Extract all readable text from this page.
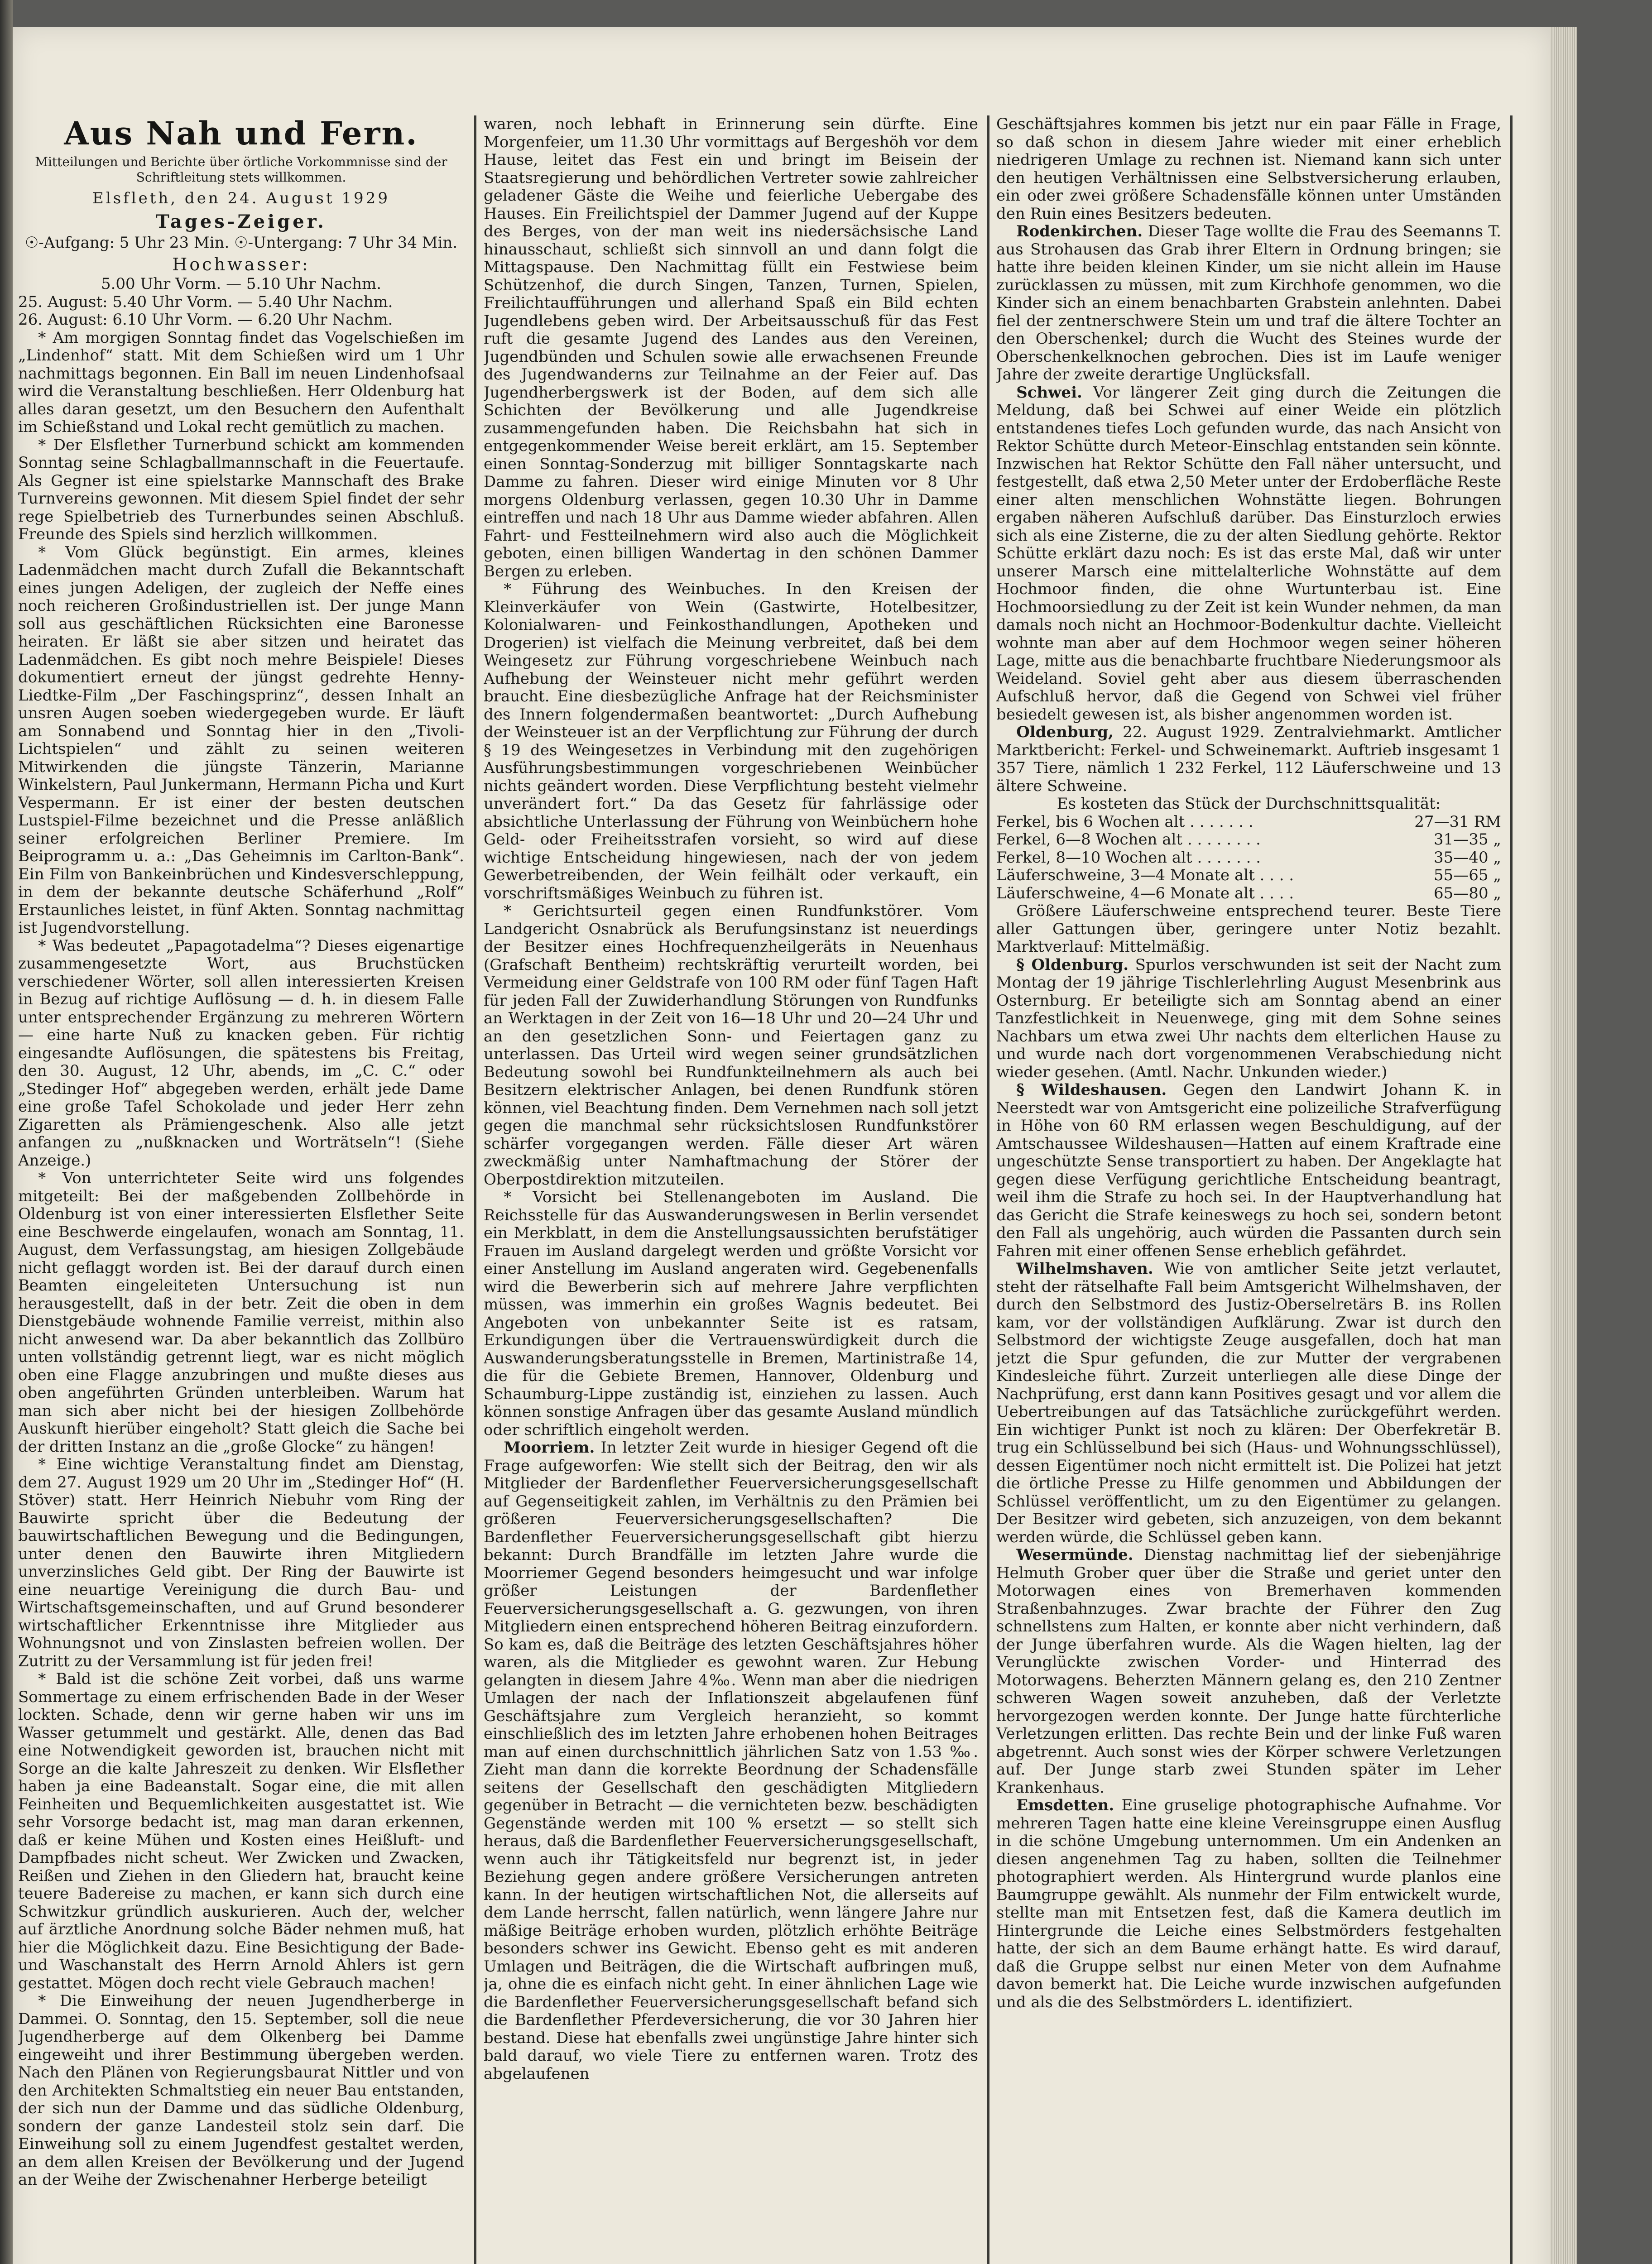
Aus Nah und Fern.

Mitteilungen und Berichte über örtliche Vorkommnisse sind der Schriftleitung stets willkommen.

Elsfleth, den 24. August 1929

Tages-Zeiger.

☉-Aufgang: 5 Uhr 23 Min. ☉-Untergang: 7 Uhr 34 Min.

Hochwasser:

5.00 Uhr Vorm. — 5.10 Uhr Nachm.

25. August: 5.40 Uhr Vorm. — 5.40 Uhr Nachm.

26. August: 6.10 Uhr Vorm. — 6.20 Uhr Nachm.

* Am morgigen Sonntag findet das Vogelschießen im „Lindenhof“ statt. Mit dem Schießen wird um 1 Uhr nachmittags begonnen. Ein Ball im neuen Lindenhofsaal wird die Veranstaltung beschließen. Herr Oldenburg hat alles daran gesetzt, um den Besuchern den Aufenthalt im Schießstand und Lokal recht gemütlich zu machen.

* Der Elsflether Turnerbund schickt am kommenden Sonntag seine Schlagballmannschaft in die Feuertaufe. Als Gegner ist eine spielstarke Mannschaft des Brake Turnvereins gewonnen. Mit diesem Spiel findet der sehr rege Spielbetrieb des Turnerbundes seinen Abschluß. Freunde des Spiels sind herzlich willkommen.

* Vom Glück begünstigt. Ein armes, kleines Ladenmädchen macht durch Zufall die Bekanntschaft eines jungen Adeligen, der zugleich der Neffe eines noch reicheren Großindustriellen ist. Der junge Mann soll aus geschäftlichen Rücksichten eine Baronesse heiraten. Er läßt sie aber sitzen und heiratet das Ladenmädchen. Es gibt noch mehre Beispiele! Dieses dokumentiert erneut der jüngst gedrehte Henny-Liedtke-Film „Der Faschingsprinz“, dessen Inhalt an unsren Augen soeben wiedergegeben wurde. Er läuft am Sonnabend und Sonntag hier in den „Tivoli-Lichtspielen“ und zählt zu seinen weiteren Mitwirkenden die jüngste Tänzerin, Marianne Winkelstern, Paul Junkermann, Hermann Picha und Kurt Vespermann. Er ist einer der besten deutschen Lustspiel-Filme bezeichnet und die Presse anläßlich seiner erfolgreichen Berliner Premiere. Im Beiprogramm u. a.: „Das Geheimnis im Carlton-Bank“. Ein Film von Bankeinbrüchen und Kindesverschleppung, in dem der bekannte deutsche Schäferhund „Rolf“ Erstaunliches leistet, in fünf Akten. Sonntag nachmittag ist Jugendvorstellung.

* Was bedeutet „Papagotadelma“? Dieses eigenartige zusammengesetzte Wort, aus Bruchstücken verschiedener Wörter, soll allen interessierten Kreisen in Bezug auf richtige Auflösung — d. h. in diesem Falle unter entsprechender Ergänzung zu mehreren Wörtern — eine harte Nuß zu knacken geben. Für richtig eingesandte Auflösungen, die spätestens bis Freitag, den 30. August, 12 Uhr, abends, im „C. C.“ oder „Stedinger Hof“ abgegeben werden, erhält jede Dame eine große Tafel Schokolade und jeder Herr zehn Zigaretten als Prämiengeschenk. Also alle jetzt anfangen zu „nußknacken und Worträtseln“! (Siehe Anzeige.)

* Von unterrichteter Seite wird uns folgendes mitgeteilt: Bei der maßgebenden Zollbehörde in Oldenburg ist von einer interessierten Elsflether Seite eine Beschwerde eingelaufen, wonach am Sonntag, 11. August, dem Verfassungstag, am hiesigen Zollgebäude nicht geflaggt worden ist. Bei der darauf durch einen Beamten eingeleiteten Untersuchung ist nun herausgestellt, daß in der betr. Zeit die oben in dem Dienstgebäude wohnende Familie verreist, mithin also nicht anwesend war. Da aber bekanntlich das Zollbüro unten vollständig getrennt liegt, war es nicht möglich oben eine Flagge anzubringen und mußte dieses aus oben angeführten Gründen unterbleiben. Warum hat man sich aber nicht bei der hiesigen Zollbehörde Auskunft hierüber eingeholt? Statt gleich die Sache bei der dritten Instanz an die „große Glocke“ zu hängen!

* Eine wichtige Veranstaltung findet am Dienstag, dem 27. August 1929 um 20 Uhr im „Stedinger Hof“ (H. Stöver) statt. Herr Heinrich Niebuhr vom Ring der Bauwirte spricht über die Bedeutung der bauwirtschaftlichen Bewegung und die Bedingungen, unter denen den Bauwirte ihren Mitgliedern unverzinsliches Geld gibt. Der Ring der Bauwirte ist eine neuartige Vereinigung die durch Bau- und Wirtschaftsgemeinschaften, und auf Grund besonderer wirtschaftlicher Erkenntnisse ihre Mitglieder aus Wohnungsnot und von Zinslasten befreien wollen. Der Zutritt zu der Versammlung ist für jeden frei!

* Bald ist die schöne Zeit vorbei, daß uns warme Sommertage zu einem erfrischenden Bade in der Weser lockten. Schade, denn wir gerne haben wir uns im Wasser getummelt und gestärkt. Alle, denen das Bad eine Notwendigkeit geworden ist, brauchen nicht mit Sorge an die kalte Jahreszeit zu denken. Wir Elsflether haben ja eine Badeanstalt. Sogar eine, die mit allen Feinheiten und Bequemlichkeiten ausgestattet ist. Wie sehr Vorsorge bedacht ist, mag man daran erkennen, daß er keine Mühen und Kosten eines Heißluft- und Dampfbades nicht scheut. Wer Zwicken und Zwacken, Reißen und Ziehen in den Gliedern hat, braucht keine teuere Badereise zu machen, er kann sich durch eine Schwitzkur gründlich auskurieren. Auch der, welcher auf ärztliche Anordnung solche Bäder nehmen muß, hat hier die Möglichkeit dazu. Eine Besichtigung der Bade- und Waschanstalt des Herrn Arnold Ahlers ist gern gestattet. Mögen doch recht viele Gebrauch machen!

* Die Einweihung der neuen Jugendherberge in Dammei. O. Sonntag, den 15. September, soll die neue Jugendherberge auf dem Olkenberg bei Damme eingeweiht und ihrer Bestimmung übergeben werden. Nach den Plänen von Regierungsbaurat Nittler und von den Architekten Schmaltstieg ein neuer Bau entstanden, der sich nun der Damme und das südliche Oldenburg, sondern der ganze Landesteil stolz sein darf. Die Einweihung soll zu einem Jugendfest gestaltet werden, an dem allen Kreisen der Bevölkerung und der Jugend an der Weihe der Zwischenahner Herberge beteiligt

waren, noch lebhaft in Erinnerung sein dürfte. Eine Morgenfeier, um 11.30 Uhr vormittags auf Bergeshöh vor dem Hause, leitet das Fest ein und bringt im Beisein der Staatsregierung und behördlichen Vertreter sowie zahlreicher geladener Gäste die Weihe und feierliche Uebergabe des Hauses. Ein Freilichtspiel der Dammer Jugend auf der Kuppe des Berges, von der man weit ins niedersächsische Land hinausschaut, schließt sich sinnvoll an und dann folgt die Mittagspause. Den Nachmittag füllt ein Festwiese beim Schützenhof, die durch Singen, Tanzen, Turnen, Spielen, Freilichtaufführungen und allerhand Spaß ein Bild echten Jugendlebens geben wird. Der Arbeitsausschuß für das Fest ruft die gesamte Jugend des Landes aus den Vereinen, Jugendbünden und Schulen sowie alle erwachsenen Freunde des Jugendwanderns zur Teilnahme an der Feier auf. Das Jugendherbergswerk ist der Boden, auf dem sich alle Schichten der Bevölkerung und alle Jugendkreise zusammengefunden haben. Die Reichsbahn hat sich in entgegenkommender Weise bereit erklärt, am 15. September einen Sonntag-Sonderzug mit billiger Sonntagskarte nach Damme zu fahren. Dieser wird einige Minuten vor 8 Uhr morgens Oldenburg verlassen, gegen 10.30 Uhr in Damme eintreffen und nach 18 Uhr aus Damme wieder abfahren. Allen Fahrt- und Festteilnehmern wird also auch die Möglichkeit geboten, einen billigen Wandertag in den schönen Dammer Bergen zu erleben.

* Führung des Weinbuches. In den Kreisen der Kleinverkäufer von Wein (Gastwirte, Hotelbesitzer, Kolonialwaren- und Feinkosthandlungen, Apotheken und Drogerien) ist vielfach die Meinung verbreitet, daß bei dem Weingesetz zur Führung vorgeschriebene Weinbuch nach Aufhebung der Weinsteuer nicht mehr geführt werden braucht. Eine diesbezügliche Anfrage hat der Reichsminister des Innern folgendermaßen beantwortet: „Durch Aufhebung der Weinsteuer ist an der Verpflichtung zur Führung der durch § 19 des Weingesetzes in Verbindung mit den zugehörigen Ausführungsbestimmungen vorgeschriebenen Weinbücher nichts geändert worden. Diese Verpflichtung besteht vielmehr unverändert fort.“ Da das Gesetz für fahrlässige oder absichtliche Unterlassung der Führung von Weinbüchern hohe Geld- oder Freiheitsstrafen vorsieht, so wird auf diese wichtige Entscheidung hingewiesen, nach der von jedem Gewerbetreibenden, der Wein feilhält oder verkauft, ein vorschriftsmäßiges Weinbuch zu führen ist.

* Gerichtsurteil gegen einen Rundfunkstörer. Vom Landgericht Osnabrück als Berufungsinstanz ist neuerdings der Besitzer eines Hochfrequenzheilgeräts in Neuenhaus (Grafschaft Bentheim) rechtskräftig verurteilt worden, bei Vermeidung einer Geldstrafe von 100 RM oder fünf Tagen Haft für jeden Fall der Zuwiderhandlung Störungen von Rundfunks an Werktagen in der Zeit von 16—18 Uhr und 20—24 Uhr und an den gesetzlichen Sonn- und Feiertagen ganz zu unterlassen. Das Urteil wird wegen seiner grundsätzlichen Bedeutung sowohl bei Rundfunkteilnehmern als auch bei Besitzern elektrischer Anlagen, bei denen Rundfunk stören können, viel Beachtung finden. Dem Vernehmen nach soll jetzt gegen die manchmal sehr rücksichtslosen Rundfunkstörer schärfer vorgegangen werden. Fälle dieser Art wären zweckmäßig unter Namhaftmachung der Störer der Oberpostdirektion mitzuteilen.

* Vorsicht bei Stellenangeboten im Ausland. Die Reichsstelle für das Auswanderungswesen in Berlin versendet ein Merkblatt, in dem die Anstellungsaussichten berufstätiger Frauen im Ausland dargelegt werden und größte Vorsicht vor einer Anstellung im Ausland angeraten wird. Gegebenenfalls wird die Bewerberin sich auf mehrere Jahre verpflichten müssen, was immerhin ein großes Wagnis bedeutet. Bei Angeboten von unbekannter Seite ist es ratsam, Erkundigungen über die Vertrauenswürdigkeit durch die Auswanderungsberatungsstelle in Bremen, Martinistraße 14, die für die Gebiete Bremen, Hannover, Oldenburg und Schaumburg-Lippe zuständig ist, einziehen zu lassen. Auch können sonstige Anfragen über das gesamte Ausland mündlich oder schriftlich eingeholt werden.

Moorriem. In letzter Zeit wurde in hiesiger Gegend oft die Frage aufgeworfen: Wie stellt sich der Beitrag, den wir als Mitglieder der Bardenflether Feuerversicherungsgesellschaft auf Gegenseitigkeit zahlen, im Verhältnis zu den Prämien bei größeren Feuerversicherungsgesellschaften? Die Bardenflether Feuerversicherungsgesellschaft gibt hierzu bekannt: Durch Brandfälle im letzten Jahre wurde die Moorriemer Gegend besonders heimgesucht und war infolge größer Leistungen der Bardenflether Feuerversicherungsgesellschaft a. G. gezwungen, von ihren Mitgliedern einen entsprechend höheren Beitrag einzufordern. So kam es, daß die Beiträge des letzten Geschäftsjahres höher waren, als die Mitglieder es gewohnt waren. Zur Hebung gelangten in diesem Jahre 4‰. Wenn man aber die niedrigen Umlagen der nach der Inflationszeit abgelaufenen fünf Geschäftsjahre zum Vergleich heranzieht, so kommt einschließlich des im letzten Jahre erhobenen hohen Beitrages man auf einen durchschnittlich jährlichen Satz von 1.53 ‰. Zieht man dann die korrekte Beordnung der Schadensfälle seitens der Gesellschaft den geschädigten Mitgliedern gegenüber in Betracht — die vernichteten bezw. beschädigten Gegenstände werden mit 100 % ersetzt — so stellt sich heraus, daß die Bardenflether Feuerversicherungsgesellschaft, wenn auch ihr Tätigkeitsfeld nur begrenzt ist, in jeder Beziehung gegen andere größere Versicherungen antreten kann. In der heutigen wirtschaftlichen Not, die allerseits auf dem Lande herrscht, fallen natürlich, wenn längere Jahre nur mäßige Beiträge erhoben wurden, plötzlich erhöhte Beiträge besonders schwer ins Gewicht. Ebenso geht es mit anderen Umlagen und Beiträgen, die die Wirtschaft aufbringen muß, ja, ohne die es einfach nicht geht. In einer ähnlichen Lage wie die Bardenflether Feuerversicherungsgesellschaft befand sich die Bardenflether Pferdeversicherung, die vor 30 Jahren hier bestand. Diese hat ebenfalls zwei ungünstige Jahre hinter sich bald darauf, wo viele Tiere zu entfernen waren. Trotz des abgelaufenen

Geschäftsjahres kommen bis jetzt nur ein paar Fälle in Frage, so daß schon in diesem Jahre wieder mit einer erheblich niedrigeren Umlage zu rechnen ist. Niemand kann sich unter den heutigen Verhältnissen eine Selbstversicherung erlauben, ein oder zwei größere Schadensfälle können unter Umständen den Ruin eines Besitzers bedeuten.

Rodenkirchen. Dieser Tage wollte die Frau des Seemanns T. aus Strohausen das Grab ihrer Eltern in Ordnung bringen; sie hatte ihre beiden kleinen Kinder, um sie nicht allein im Hause zurücklassen zu müssen, mit zum Kirchhofe genommen, wo die Kinder sich an einem benachbarten Grabstein anlehnten. Dabei fiel der zentnerschwere Stein um und traf die ältere Tochter an den Oberschenkel; durch die Wucht des Steines wurde der Oberschenkelknochen gebrochen. Dies ist im Laufe weniger Jahre der zweite derartige Unglücksfall.

Schwei. Vor längerer Zeit ging durch die Zeitungen die Meldung, daß bei Schwei auf einer Weide ein plötzlich entstandenes tiefes Loch gefunden wurde, das nach Ansicht von Rektor Schütte durch Meteor-Einschlag entstanden sein könnte. Inzwischen hat Rektor Schütte den Fall näher untersucht, und festgestellt, daß etwa 2,50 Meter unter der Erdoberfläche Reste einer alten menschlichen Wohnstätte liegen. Bohrungen ergaben näheren Aufschluß darüber. Das Einsturzloch erwies sich als eine Zisterne, die zu der alten Siedlung gehörte. Rektor Schütte erklärt dazu noch: Es ist das erste Mal, daß wir unter unserer Marsch eine mittelalterliche Wohnstätte auf dem Hochmoor finden, die ohne Wurtunterbau ist. Eine Hochmoorsiedlung zu der Zeit ist kein Wunder nehmen, da man damals noch nicht an Hochmoor-Bodenkultur dachte. Vielleicht wohnte man aber auf dem Hochmoor wegen seiner höheren Lage, mitte aus die benachbarte fruchtbare Niederungsmoor als Weideland. Soviel geht aber aus diesem überraschenden Aufschluß hervor, daß die Gegend von Schwei viel früher besiedelt gewesen ist, als bisher angenommen worden ist.

Oldenburg, 22. August 1929. Zentralviehmarkt. Amtlicher Marktbericht: Ferkel- und Schweinemarkt. Auftrieb insgesamt 1 357 Tiere, nämlich 1 232 Ferkel, 112 Läuferschweine und 13 ältere Schweine.

Es kosteten das Stück der Durchschnittsqualität:

Ferkel, bis 6 Wochen alt . . . . . . .	27—31 RM
Ferkel, 6—8 Wochen alt . . . . . . . .	31—35 „
Ferkel, 8—10 Wochen alt . . . . . . .	35—40 „
Läuferschweine, 3—4 Monate alt . . . .	55—65 „
Läuferschweine, 4—6 Monate alt . . . .	65—80 „

Größere Läuferschweine entsprechend teurer. Beste Tiere aller Gattungen über, geringere unter Notiz bezahlt. Marktverlauf: Mittelmäßig.

§ Oldenburg. Spurlos verschwunden ist seit der Nacht zum Montag der 19 jährige Tischlerlehrling August Mesenbrink aus Osternburg. Er beteiligte sich am Sonntag abend an einer Tanzfestlichkeit in Neuenwege, ging mit dem Sohne seines Nachbars um etwa zwei Uhr nachts dem elterlichen Hause zu und wurde nach dort vorgenommenen Verabschiedung nicht wieder gesehen. (Amtl. Nachr. Unkunden wieder.)

§ Wildeshausen. Gegen den Landwirt Johann K. in Neerstedt war von Amtsgericht eine polizeiliche Strafverfügung in Höhe von 60 RM erlassen wegen Beschuldigung, auf der Amtschaussee Wildeshausen—Hatten auf einem Kraftrade eine ungeschützte Sense transportiert zu haben. Der Angeklagte hat gegen diese Verfügung gerichtliche Entscheidung beantragt, weil ihm die Strafe zu hoch sei. In der Hauptverhandlung hat das Gericht die Strafe keineswegs zu hoch sei, sondern betont den Fall als ungehörig, auch würden die Passanten durch sein Fahren mit einer offenen Sense erheblich gefährdet.

Wilhelmshaven. Wie von amtlicher Seite jetzt verlautet, steht der rätselhafte Fall beim Amtsgericht Wilhelmshaven, der durch den Selbstmord des Justiz-Oberselretärs B. ins Rollen kam, vor der vollständigen Aufklärung. Zwar ist durch den Selbstmord der wichtigste Zeuge ausgefallen, doch hat man jetzt die Spur gefunden, die zur Mutter der vergrabenen Kindesleiche führt. Zurzeit unterliegen alle diese Dinge der Nachprüfung, erst dann kann Positives gesagt und vor allem die Uebertreibungen auf das Tatsächliche zurückgeführt werden. Ein wichtiger Punkt ist noch zu klären: Der Oberfekretär B. trug ein Schlüsselbund bei sich (Haus- und Wohnungsschlüssel), dessen Eigentümer noch nicht ermittelt ist. Die Polizei hat jetzt die örtliche Presse zu Hilfe genommen und Abbildungen der Schlüssel veröffentlicht, um zu den Eigentümer zu gelangen. Der Besitzer wird gebeten, sich anzuzeigen, von dem bekannt werden würde, die Schlüssel geben kann.

Wesermünde. Dienstag nachmittag lief der siebenjährige Helmuth Grober quer über die Straße und geriet unter den Motorwagen eines von Bremerhaven kommenden Straßenbahnzuges. Zwar brachte der Führer den Zug schnellstens zum Halten, er konnte aber nicht verhindern, daß der Junge überfahren wurde. Als die Wagen hielten, lag der Verunglückte zwischen Vorder- und Hinterrad des Motorwagens. Beherzten Männern gelang es, den 210 Zentner schweren Wagen soweit anzuheben, daß der Verletzte hervorgezogen werden konnte. Der Junge hatte fürchterliche Verletzungen erlitten. Das rechte Bein und der linke Fuß waren abgetrennt. Auch sonst wies der Körper schwere Verletzungen auf. Der Junge starb zwei Stunden später im Leher Krankenhaus.

Emsdetten. Eine gruselige photographische Aufnahme. Vor mehreren Tagen hatte eine kleine Vereinsgruppe einen Ausflug in die schöne Umgebung unternommen. Um ein Andenken an diesen angenehmen Tag zu haben, sollten die Teilnehmer photographiert werden. Als Hintergrund wurde planlos eine Baumgruppe gewählt. Als nunmehr der Film entwickelt wurde, stellte man mit Entsetzen fest, daß die Kamera deutlich im Hintergrunde die Leiche eines Selbstmörders festgehalten hatte, der sich an dem Baume erhängt hatte. Es wird darauf, daß die Gruppe selbst nur einen Meter von dem Aufnahme davon bemerkt hat. Die Leiche wurde inzwischen aufgefunden und als die des Selbstmörders L. identifiziert.
